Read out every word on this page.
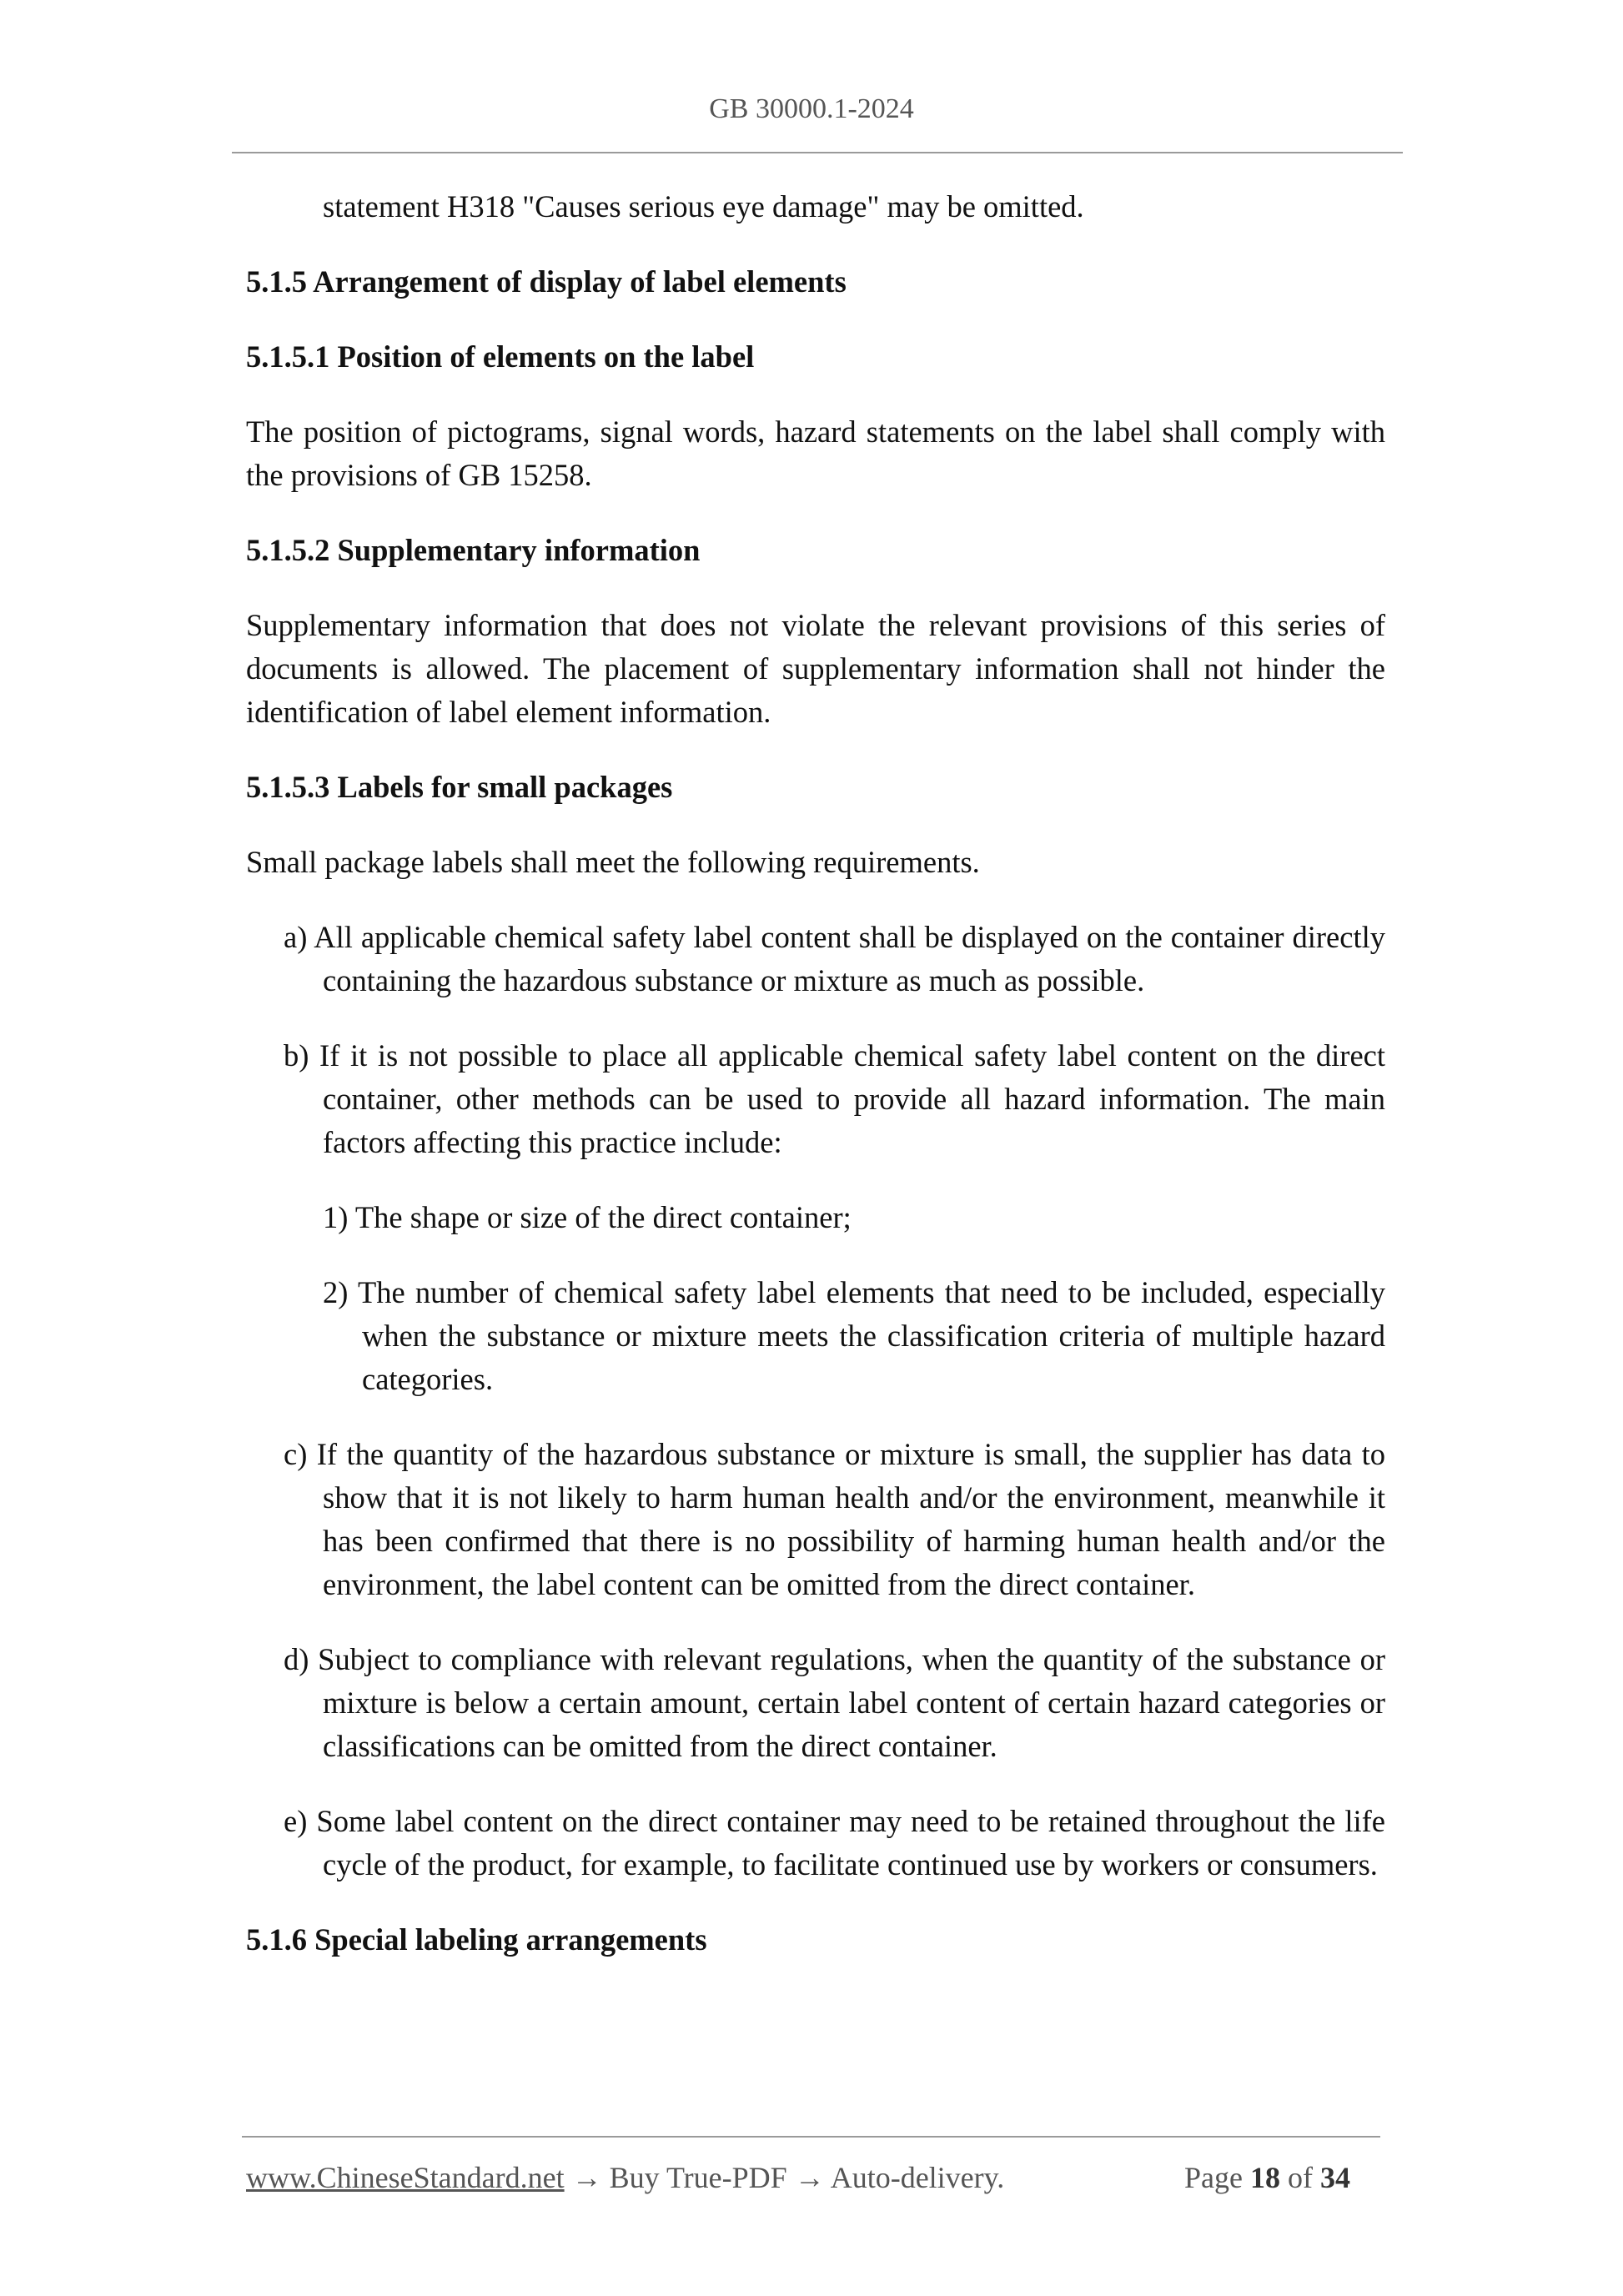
GB 30000.1-2024
statement H318 "Causes serious eye damage" may be omitted.
5.1.5 Arrangement of display of label elements
5.1.5.1 Position of elements on the label
The position of pictograms, signal words, hazard statements on the label shall comply with the provisions of GB 15258.
5.1.5.2 Supplementary information
Supplementary information that does not violate the relevant provisions of this series of documents is allowed. The placement of supplementary information shall not hinder the identification of label element information.
5.1.5.3 Labels for small packages
Small package labels shall meet the following requirements.
a) All applicable chemical safety label content shall be displayed on the container directly containing the hazardous substance or mixture as much as possible.
b) If it is not possible to place all applicable chemical safety label content on the direct container, other methods can be used to provide all hazard information. The main factors affecting this practice include:
1) The shape or size of the direct container;
2) The number of chemical safety label elements that need to be included, especially when the substance or mixture meets the classification criteria of multiple hazard categories.
c) If the quantity of the hazardous substance or mixture is small, the supplier has data to show that it is not likely to harm human health and/or the environment, meanwhile it has been confirmed that there is no possibility of harming human health and/or the environment, the label content can be omitted from the direct container.
d) Subject to compliance with relevant regulations, when the quantity of the substance or mixture is below a certain amount, certain label content of certain hazard categories or classifications can be omitted from the direct container.
e) Some label content on the direct container may need to be retained throughout the life cycle of the product, for example, to facilitate continued use by workers or consumers.
5.1.6 Special labeling arrangements
www.ChineseStandard.net → Buy True-PDF → Auto-delivery.	Page 18 of 34
